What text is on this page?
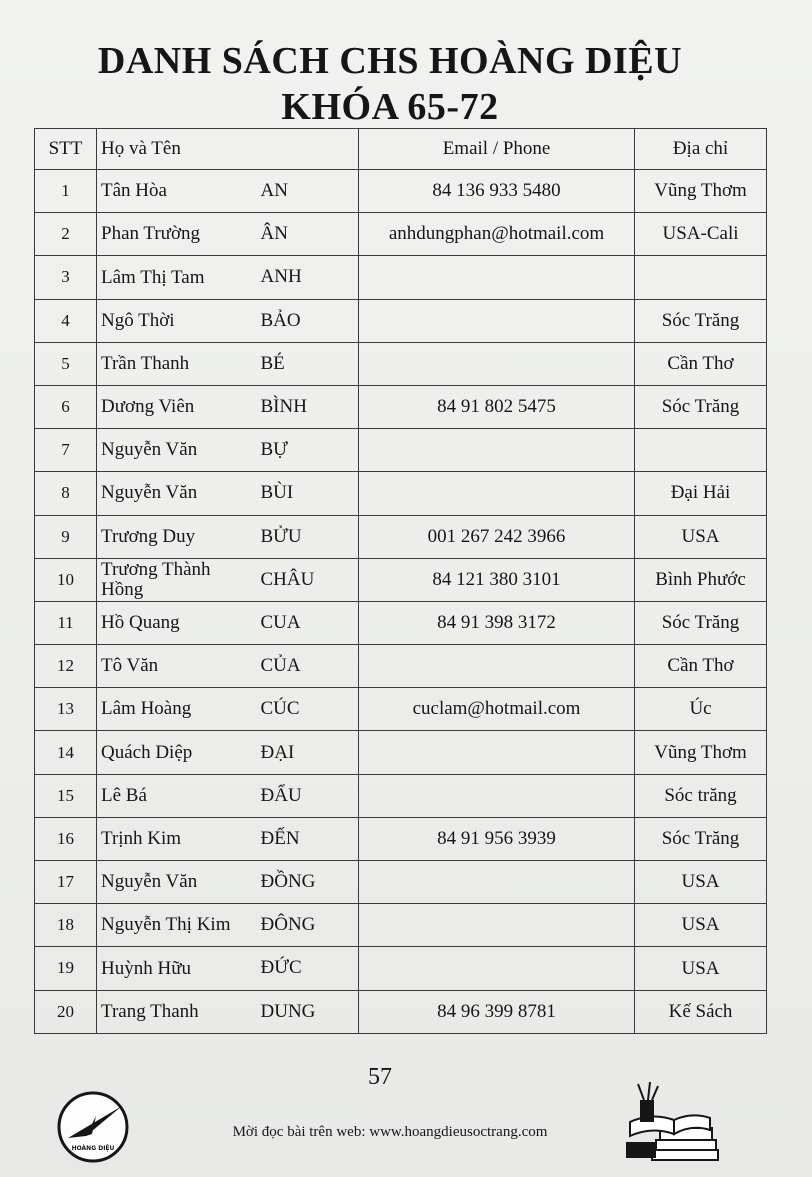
DANH SÁCH CHS HOÀNG DIỆU
KHÓA 65-72
STT	Họ và Tên		Email / Phone	Địa chỉ
1	Tân Hòa	AN	84 136 933 5480	Vũng Thơm
2	Phan Trường	ÂN	anhdungphan@hotmail.com	USA-Cali
3	Lâm Thị Tam	ANH		
4	Ngô Thời	BẢO		Sóc Trăng
5	Trần Thanh	BÉ		Cần Thơ
6	Dương Viên	BÌNH	84 91 802 5475	Sóc Trăng
7	Nguyễn Văn	BỰ		
8	Nguyễn Văn	BÙI		Đại Hải
9	Trương Duy	BỬU	001 267 242 3966	USA
10	Trương Thành Hồng	CHÂU	84 121 380 3101	Bình Phước
11	Hồ Quang	CUA	84 91 398 3172	Sóc Trăng
12	Tô Văn	CỦA		Cần Thơ
13	Lâm Hoàng	CÚC	cuclam@hotmail.com	Úc
14	Quách Diệp	ĐẠI		Vũng Thơm
15	Lê Bá	ĐẨU		Sóc trăng
16	Trịnh Kim	ĐẾN	84 91 956 3939	Sóc Trăng
17	Nguyễn Văn	ĐỒNG		USA
18	Nguyễn Thị Kim	ĐÔNG		USA
19	Huỳnh Hữu	ĐỨC		USA
20	Trang Thanh	DUNG	84 96 399 8781	Kế Sách
57
HOÀNG DIỆU
Mời đọc bài trên web: www.hoangdieusoctrang.com
